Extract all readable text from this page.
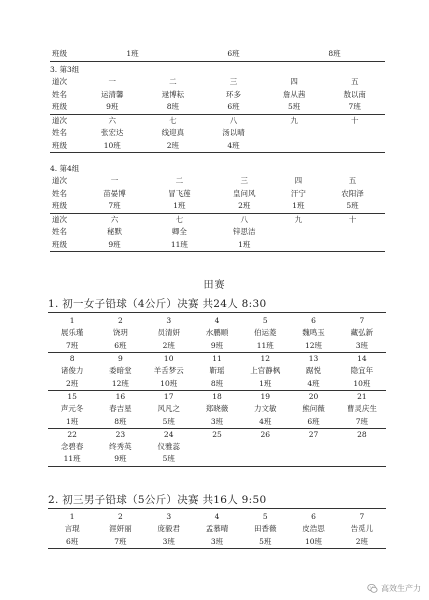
班级	1班	6班	8班		
3. 第3组
道次	一	二	三	四	五
姓名	运清馨	逯博耘	环多	詹从茜	敖以南
班级	9班	8班	6班	5班	7班
道次	六	七	八	九	十
姓名	张宏达	线迎真	汤以晴		
班级	10班	2班	4班		
4. 第4组
道次	一	二	三	四	五
姓名	苗晏博	冒飞莲	皇问风	汗宁	农阳泽
班级	7班	1班	2班	1班	5班
道次	六	七	八	九	十
姓名	秘默	卿全	锌思洁		
班级	9班	11班	1班		
田赛
1. 初一女子铅球（4公斤）决赛 共24人 8:30
1	2	3	4	5	6	7
展乐瑾	饶玥	员清妍	水鹏順	伯运菱	魏鸣玉	藏弘新
7班	6班	2班	9班	11班	12班	3班
8	9	10	11	12	13	14
诸俊力	委暗堂	羊舌梦云	靳瑶	上官静枫	踞悦	隐宜年
2班	12班	10班	8班	1班	4班	10班
15	16	17	18	19	20	21
声元冬	春吉星	风凡之	郑晓薇	力文敏	熊问薇	曹灵庆生
1班	8班	5班	3班	4班	6班	7班
22	23	24	25	26	27	28
念碧春	终秀英	仪雅蕊				
11班	9班	5班				
2. 初三男子铅球（5公斤）决赛 共16人 9:50
1	2	3	4	5	6	7
言琨	涯妍丽	庞毅君	孟慕晴	田香薇	皮浩思	告觅儿
6班	7班	3班	3班	5班	10班	2班
高效生产力
